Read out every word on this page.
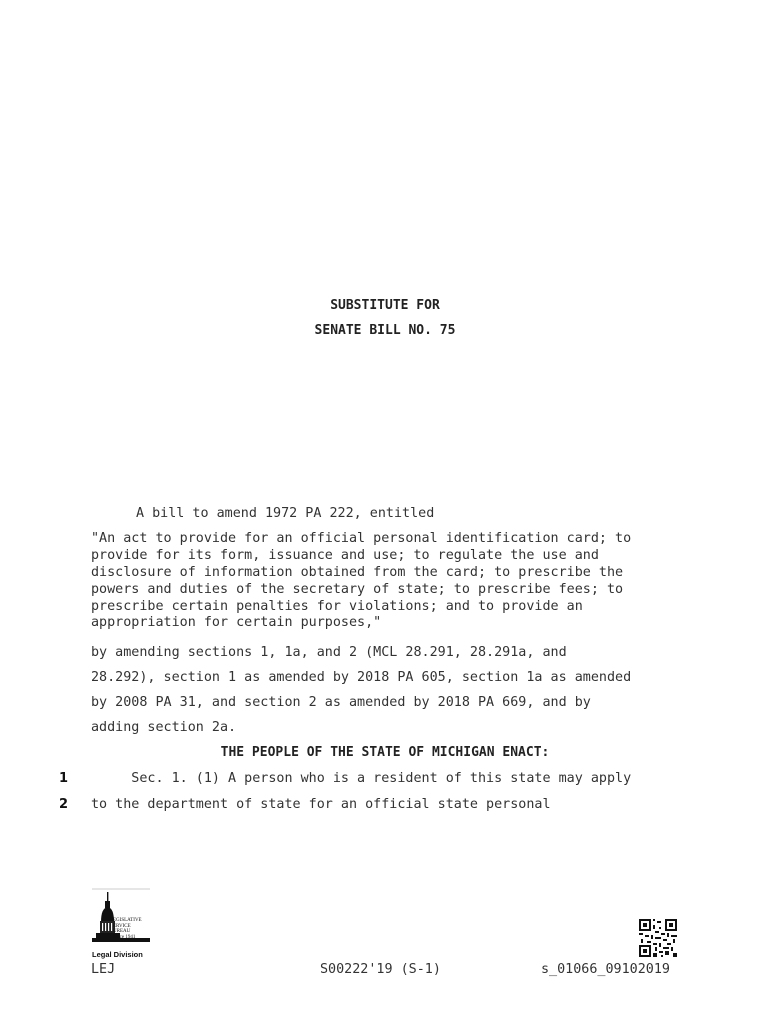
SUBSTITUTE FOR
SENATE BILL NO. 75
A bill to amend 1972 PA 222, entitled
"An act to provide for an official personal identification card; to
provide for its form, issuance and use; to regulate the use and
disclosure of information obtained from the card; to prescribe the
powers and duties of the secretary of state; to prescribe fees; to
prescribe certain penalties for violations; and to provide an
appropriation for certain purposes,"
by amending sections 1, 1a, and 2 (MCL 28.291, 28.291a, and
28.292), section 1 as amended by 2018 PA 605, section 1a as amended
by 2008 PA 31, and section 2 as amended by 2018 PA 669, and by
adding section 2a.
THE PEOPLE OF THE STATE OF MICHIGAN ENACT:
1 Sec. 1. (1) A person who is a resident of this state may apply
2 to the department of state for an official state personal
EGISLATIVE
ERVICE
UREAU
Since 1941
Legal Division
LEJ	S00222'19 (S-1)	s_01066_09102019
